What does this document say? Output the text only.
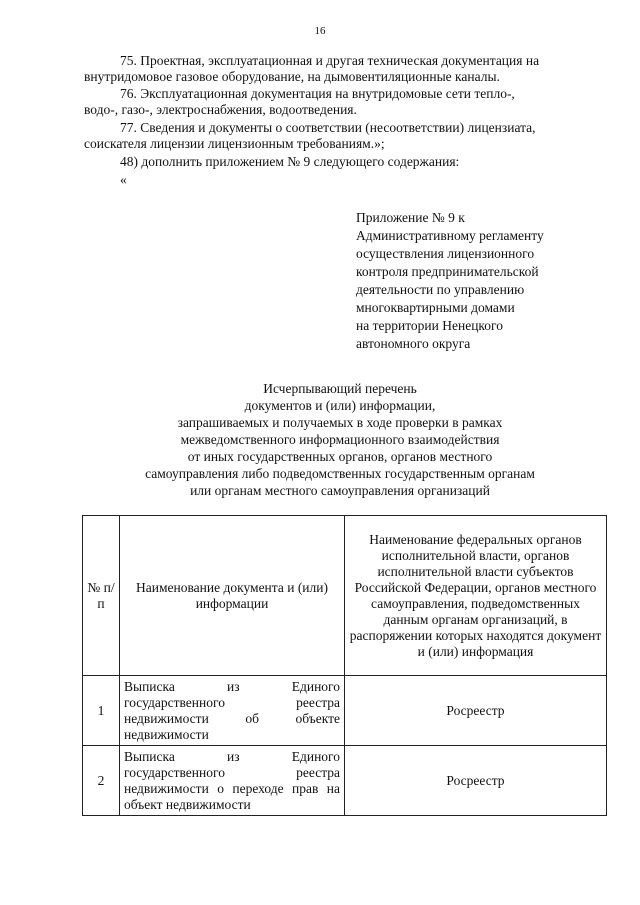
16
75. Проектная, эксплуатационная и другая техническая документация на
внутридомовое газовое оборудование, на дымовентиляционные каналы.
76. Эксплуатационная документация на внутридомовые сети тепло-,
водо-, газо-, электроснабжения, водоотведения.
77. Сведения и документы о соответствии (несоответствии) лицензиата,
соискателя лицензии лицензионным требованиям.»;
48) дополнить приложением № 9 следующего содержания:
«
Приложение № 9 к
Административному регламенту
осуществления лицензионного
контроля предпринимательской
деятельности по управлению
многоквартирными домами
на территории Ненецкого
автономного округа
Исчерпывающий перечень
документов и (или) информации,
запрашиваемых и получаемых в ходе проверки в рамках
межведомственного информационного взаимодействия
от иных государственных органов, органов местного
самоуправления либо подведомственных государственным органам
или органам местного самоуправления организаций
№ п/п	Наименование документа и (или) информации	Наименование федеральных органов исполнительной власти, органов исполнительной власти субъектов Российской Федерации, органов местного самоуправления, подведомственных данным органам организаций, в распоряжении которых находятся документ и (или) информация
1	Выписка из Единого государственного реестра недвижимости об объекте недвижимости	Росреестр
2	Выписка из Единого государственного реестра недвижимости о переходе прав на объект недвижимости	Росреестр
